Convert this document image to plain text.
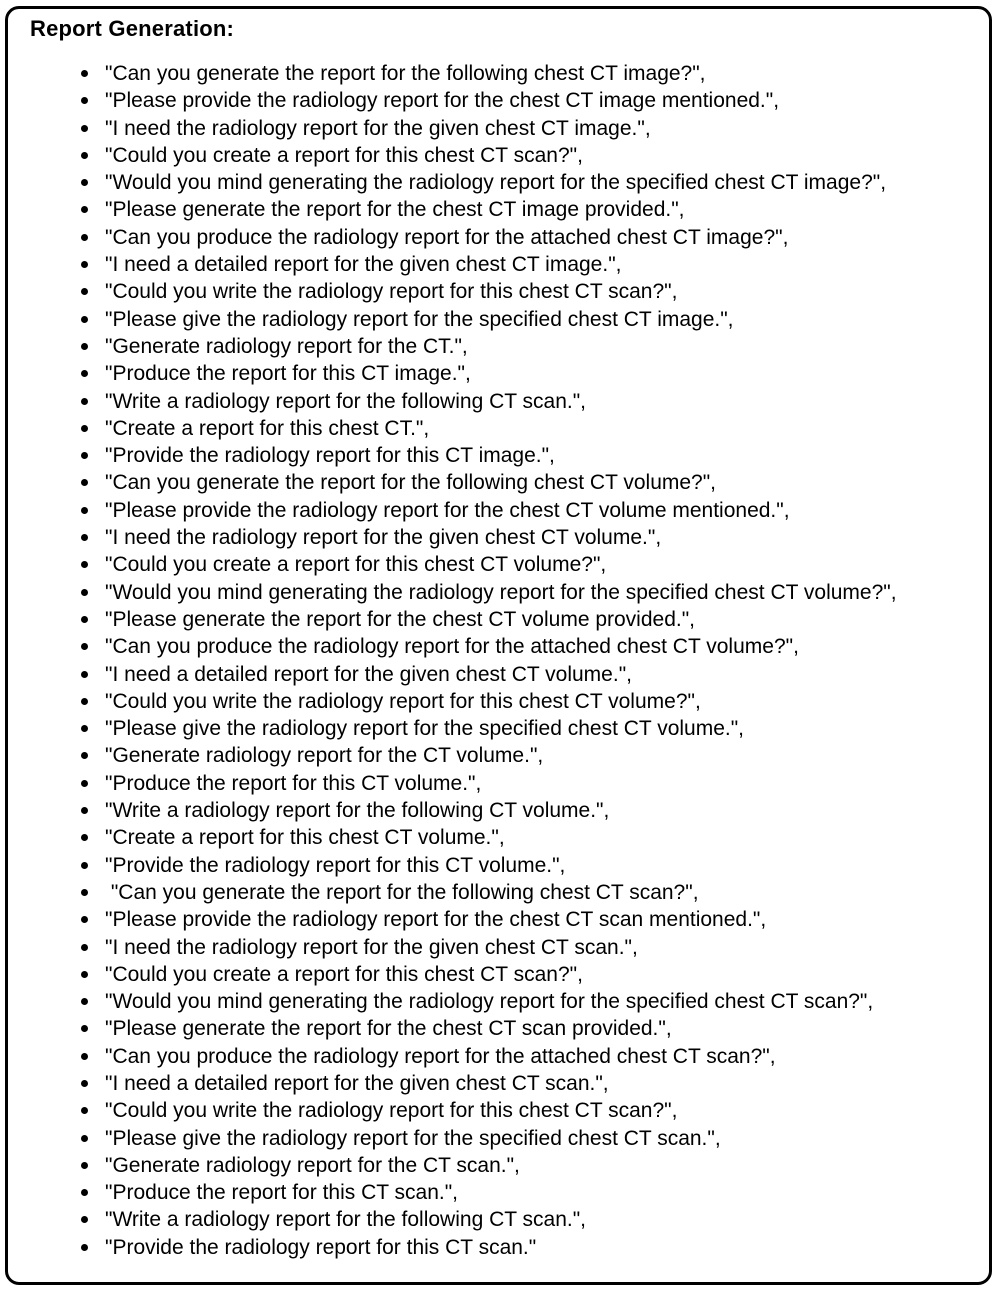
Report Generation:
"Can you generate the report for the following chest CT image?",
"Please provide the radiology report for the chest CT image mentioned.",
"I need the radiology report for the given chest CT image.",
"Could you create a report for this chest CT scan?",
"Would you mind generating the radiology report for the specified chest CT image?",
"Please generate the report for the chest CT image provided.",
"Can you produce the radiology report for the attached chest CT image?",
"I need a detailed report for the given chest CT image.",
"Could you write the radiology report for this chest CT scan?",
"Please give the radiology report for the specified chest CT image.",
"Generate radiology report for the CT.",
"Produce the report for this CT image.",
"Write a radiology report for the following CT scan.",
"Create a report for this chest CT.",
"Provide the radiology report for this CT image.",
"Can you generate the report for the following chest CT volume?",
"Please provide the radiology report for the chest CT volume mentioned.",
"I need the radiology report for the given chest CT volume.",
"Could you create a report for this chest CT volume?",
"Would you mind generating the radiology report for the specified chest CT volume?",
"Please generate the report for the chest CT volume provided.",
"Can you produce the radiology report for the attached chest CT volume?",
"I need a detailed report for the given chest CT volume.",
"Could you write the radiology report for this chest CT volume?",
"Please give the radiology report for the specified chest CT volume.",
"Generate radiology report for the CT volume.",
"Produce the report for this CT volume.",
"Write a radiology report for the following CT volume.",
"Create a report for this chest CT volume.",
"Provide the radiology report for this CT volume.",
"Can you generate the report for the following chest CT scan?",
"Please provide the radiology report for the chest CT scan mentioned.",
"I need the radiology report for the given chest CT scan.",
"Could you create a report for this chest CT scan?",
"Would you mind generating the radiology report for the specified chest CT scan?",
"Please generate the report for the chest CT scan provided.",
"Can you produce the radiology report for the attached chest CT scan?",
"I need a detailed report for the given chest CT scan.",
"Could you write the radiology report for this chest CT scan?",
"Please give the radiology report for the specified chest CT scan.",
"Generate radiology report for the CT scan.",
"Produce the report for this CT scan.",
"Write a radiology report for the following CT scan.",
"Provide the radiology report for this CT scan."
